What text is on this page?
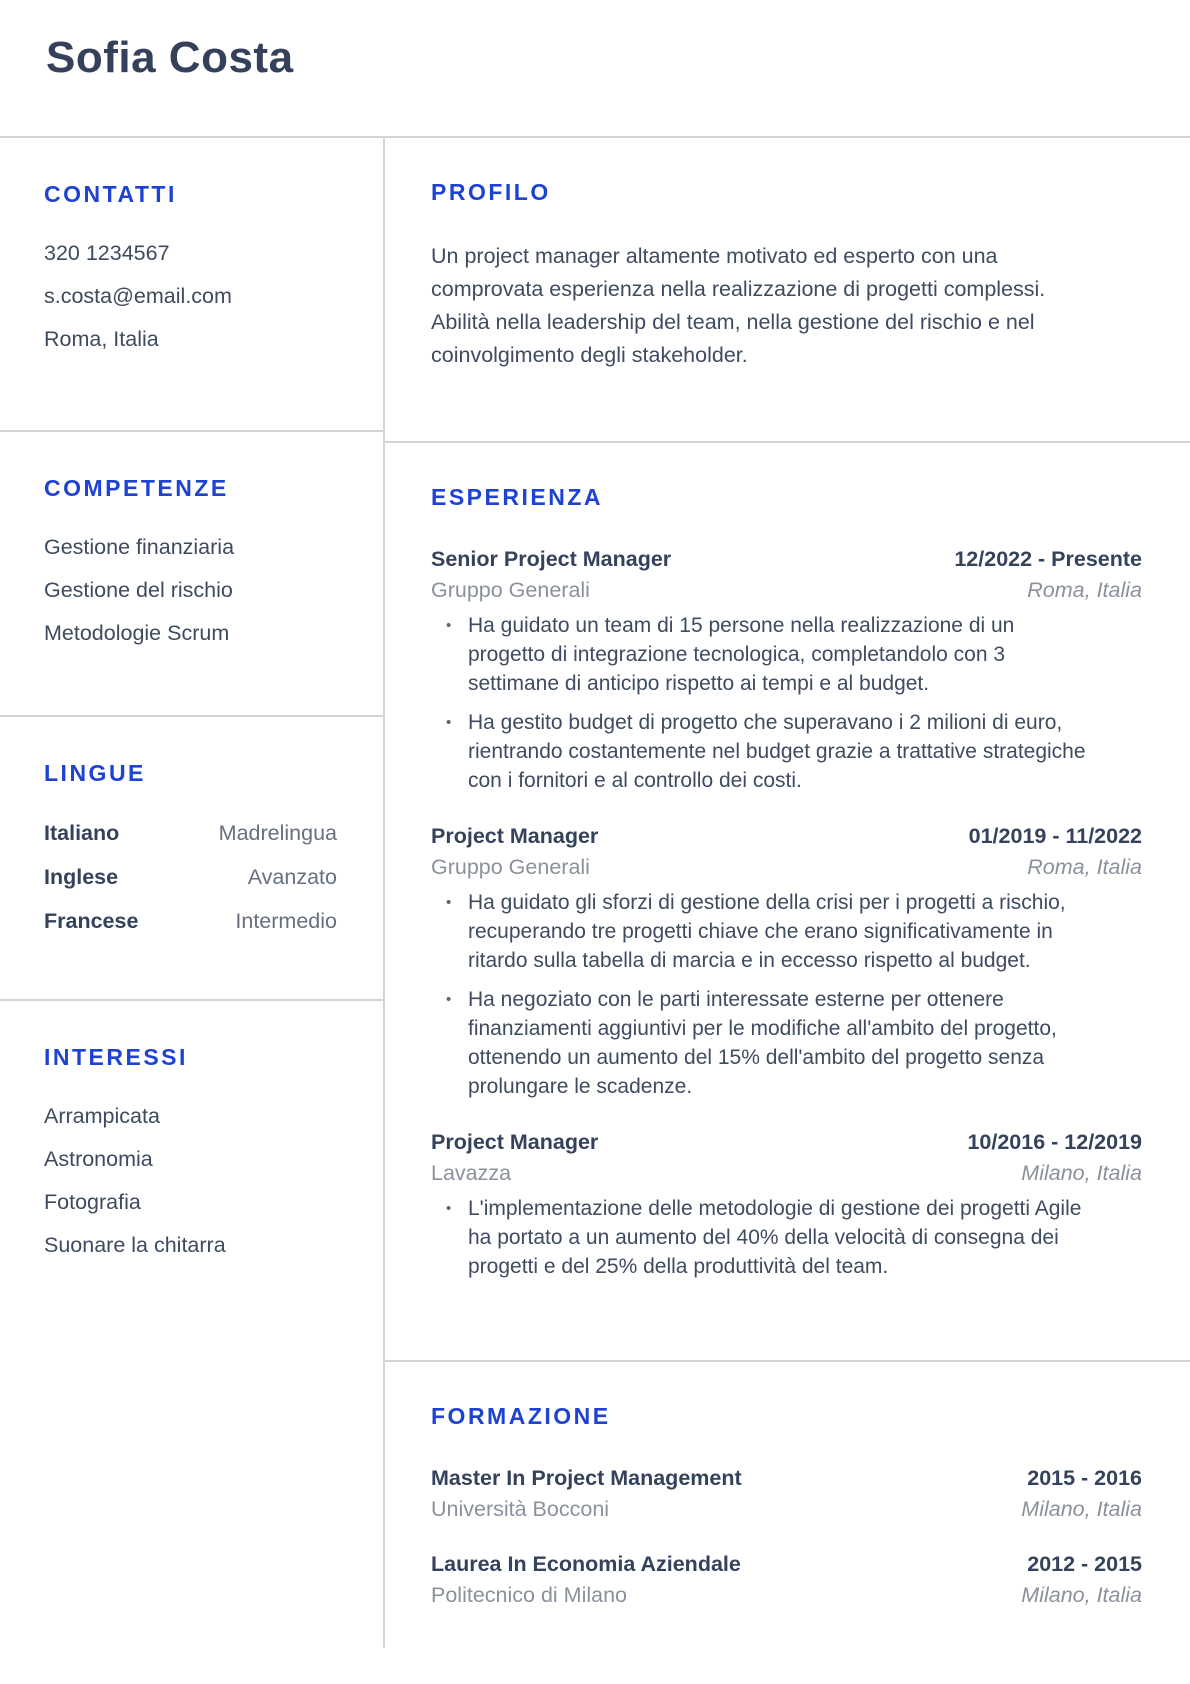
Sofia Costa
CONTATTI
320 1234567
s.costa@email.com
Roma, Italia
COMPETENZE
Gestione finanziaria
Gestione del rischio
Metodologie Scrum
LINGUE
Italiano	Madrelingua
Inglese	Avanzato
Francese	Intermedio
INTERESSI
Arrampicata
Astronomia
Fotografia
Suonare la chitarra
PROFILO

Un project manager altamente motivato ed esperto con una comprovata esperienza nella realizzazione di progetti complessi. Abilità nella leadership del team, nella gestione del rischio e nel coinvolgimento degli stakeholder.

ESPERIENZA
Senior Project Manager	12/2022 - Presente
Gruppo Generali	Roma, Italia
• Ha guidato un team di 15 persone nella realizzazione di un progetto di integrazione tecnologica, completandolo con 3 settimane di anticipo rispetto ai tempi e al budget.
• Ha gestito budget di progetto che superavano i 2 milioni di euro, rientrando costantemente nel budget grazie a trattative strategiche con i fornitori e al controllo dei costi.
Project Manager	01/2019 - 11/2022
Gruppo Generali	Roma, Italia
• Ha guidato gli sforzi di gestione della crisi per i progetti a rischio, recuperando tre progetti chiave che erano significativamente in ritardo sulla tabella di marcia e in eccesso rispetto al budget.
• Ha negoziato con le parti interessate esterne per ottenere finanziamenti aggiuntivi per le modifiche all'ambito del progetto, ottenendo un aumento del 15% dell'ambito del progetto senza prolungare le scadenze.
Project Manager	10/2016 - 12/2019
Lavazza	Milano, Italia
• L'implementazione delle metodologie di gestione dei progetti Agile ha portato a un aumento del 40% della velocità di consegna dei progetti e del 25% della produttività del team.
FORMAZIONE
Master In Project Management	2015 - 2016
Università Bocconi	Milano, Italia
Laurea In Economia Aziendale	2012 - 2015
Politecnico di Milano	Milano, Italia
